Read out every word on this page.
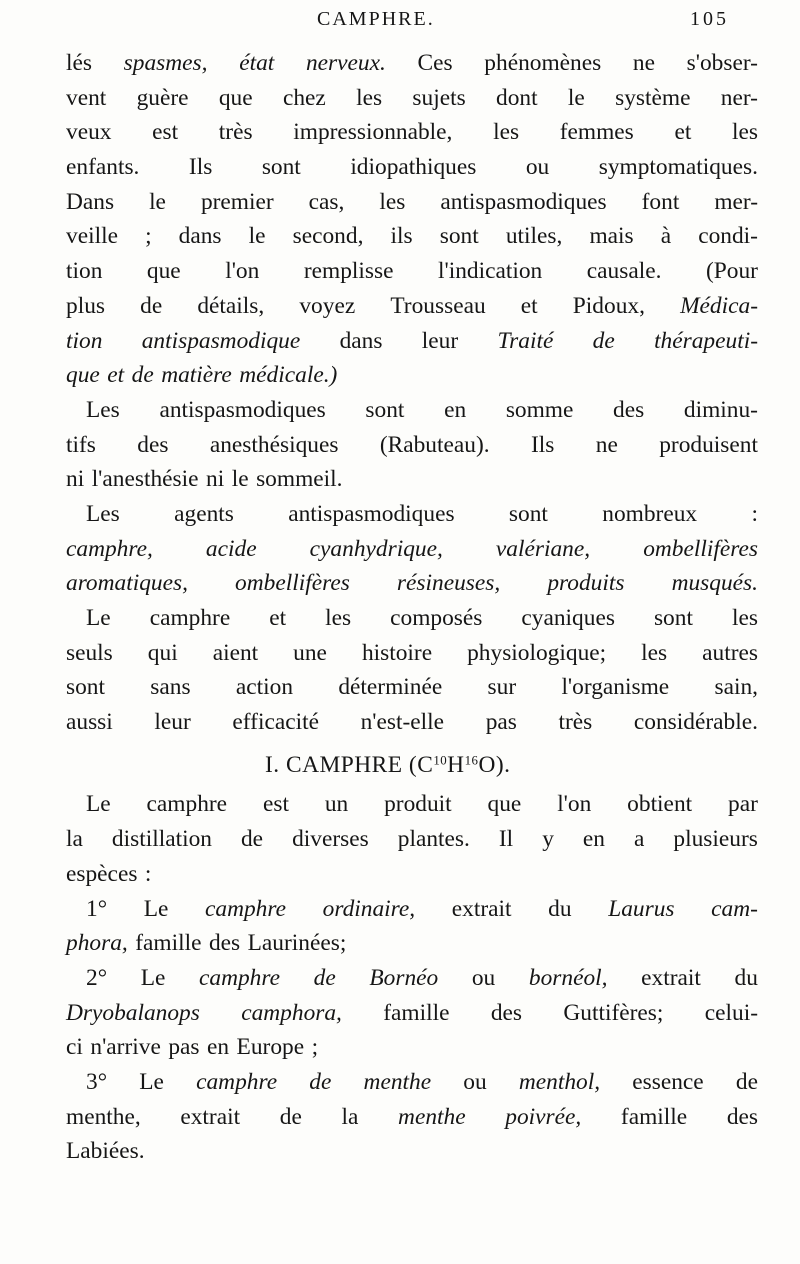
CAMPHRE.	105
lés spasmes, état nerveux. Ces phénomènes ne s'obser-
vent guère que chez les sujets dont le système ner-
veux est très impressionnable, les femmes et les
enfants. Ils sont idiopathiques ou symptomatiques.
Dans le premier cas, les antispasmodiques font mer-
veille ; dans le second, ils sont utiles, mais à condi-
tion que l'on remplisse l'indication causale. (Pour
plus de détails, voyez Trousseau et Pidoux, Médica-
tion antispasmodique dans leur Traité de thérapeuti-
que et de matière médicale.)
Les antispasmodiques sont en somme des diminu-
tifs des anesthésiques (Rabuteau). Ils ne produisent
ni l'anesthésie ni le sommeil.
Les agents antispasmodiques sont nombreux :
camphre, acide cyanhydrique, valériane, ombellifères
aromatiques, ombellifères résineuses, produits musqués.
Le camphre et les composés cyaniques sont les
seuls qui aient une histoire physiologique; les autres
sont sans action déterminée sur l'organisme sain,
aussi leur efficacité n'est-elle pas très considérable.
I. CAMPHRE $(C^{10}H^{16}O)$.
Le camphre est un produit que l'on obtient par
la distillation de diverses plantes. Il y en a plusieurs
espèces :
1° Le camphre ordinaire, extrait du Laurus cam-
phora, famille des Laurinées;
2° Le camphre de Bornéo ou bornéol, extrait du
Dryobalanops camphora, famille des Guttifères; celui-
ci n'arrive pas en Europe ;
3° Le camphre de menthe ou menthol, essence de
menthe, extrait de la menthe poivrée, famille des
Labiées.
